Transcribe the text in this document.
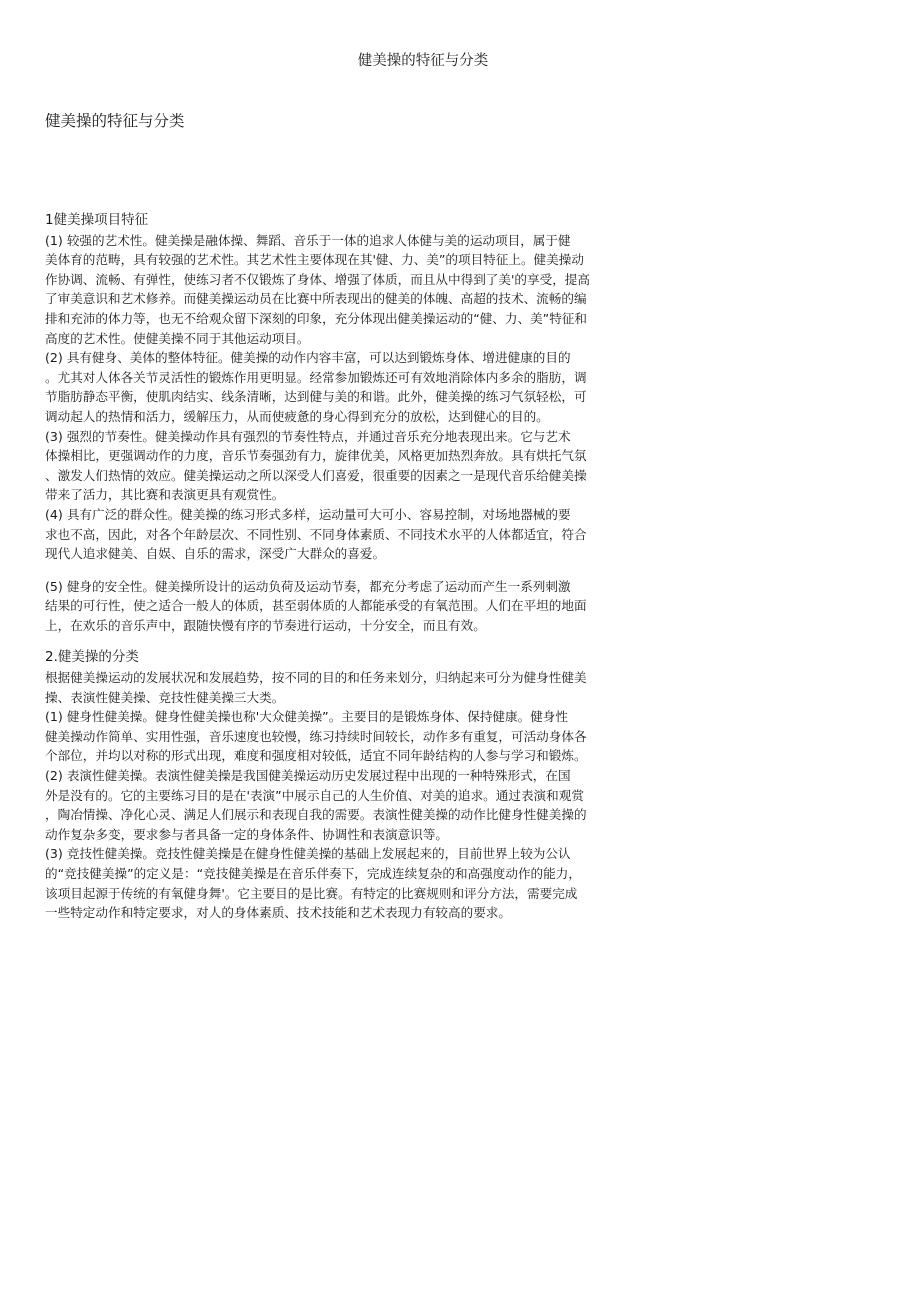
健美操的特征与分类
健美操的特征与分类
1健美操项目特征
(1) 较强的艺术性。健美操是融体操、舞蹈、音乐于一体的追求人体健与美的运动项目，属于健
美体育的范畴，具有较强的艺术性。其艺术性主要体现在其'健、力、美”的项目特征上。健美操动
作协调、流畅、有弹性，使练习者不仅锻炼了身体、增强了体质，而且从中得到了美'的享受，提高
了审美意识和艺术修养。而健美操运动员在比赛中所表现出的健美的体魄、高超的技术、流畅的编
排和充沛的体力等，也无不给观众留下深刻的印象，充分体现出健美操运动的“健、力、美”特征和
高度的艺术性。使健美操不同于其他运动项目。
(2) 具有健身、美体的整体特征。健美操的动作内容丰富，可以达到锻炼身体、增进健康的目的
。尤其对人体各关节灵活性的锻炼作用更明显。经常参加锻炼还可有效地消除体内多余的脂肪，调
节脂肪静态平衡，使肌肉结实、线条清晰，达到健与美的和谐。此外，健美操的练习气氛轻松，可
调动起人的热情和活力，缓解压力，从而使疲惫的身心得到充分的放松，达到健心的目的。
(3) 强烈的节奏性。健美操动作具有强烈的节奏性特点，并通过音乐充分地表现出来。它与艺术
体操相比，更强调动作的力度，音乐节奏强劲有力，旋律优美，风格更加热烈奔放。具有烘托气氛
、激发人们热情的效应。健美操运动之所以深受人们喜爱，很重要的因素之一是现代音乐给健美操
带来了活力，其比赛和表演更具有观赏性。
(4) 具有广泛的群众性。健美操的练习形式多样，运动量可大可小、容易控制，对场地器械的要
求也不高，因此，对各个年龄层次、不同性别、不同身体素质、不同技术水平的人体都适宜，符合
现代人追求健美、自娱、自乐的需求，深受广大群众的喜爱。
(5) 健身的安全性。健美操所设计的运动负荷及运动节奏，都充分考虑了运动而产生一系列刺激
结果的可行性，使之适合一般人的体质，甚至弱体质的人都能承受的有氧范围。人们在平坦的地面
上，在欢乐的音乐声中，跟随快慢有序的节奏进行运动，十分安全，而且有效。
2.健美操的分类
根据健美操运动的发展状况和发展趋势，按不同的目的和任务来划分，归纳起来可分为健身性健美
操、表演性健美操、竞技性健美操三大类。
(1) 健身性健美操。健身性健美操也称'大众健美操”。主要目的是锻炼身体、保持健康。健身性
健美操动作简单、实用性强，音乐速度也较慢，练习持续时间较长，动作多有重复，可活动身体各
个部位，并均以对称的形式出现，难度和强度相对较低，适宜不同年龄结构的人参与学习和锻炼。
(2) 表演性健美操。表演性健美操是我国健美操运动历史发展过程中出现的一种特殊形式，在国
外是没有的。它的主要练习目的是在'表演”中展示自己的人生价值、对美的追求。通过表演和观赏
，陶冶情操、净化心灵、满足人们展示和表现自我的需要。表演性健美操的动作比健身性健美操的
动作复杂多变，要求参与者具备一定的身体条件、协调性和表演意识等。
(3) 竞技性健美操。竞技性健美操是在健身性健美操的基础上发展起来的，目前世界上较为公认
的“竞技健美操”的定义是：“竞技健美操是在音乐伴奏下，完成连续复杂的和高强度动作的能力，
该项目起源于传统的有氧健身舞'。它主要目的是比赛。有特定的比赛规则和评分方法，需要完成
一些特定动作和特定要求，对人的身体素质、技术技能和艺术表现力有较高的要求。
